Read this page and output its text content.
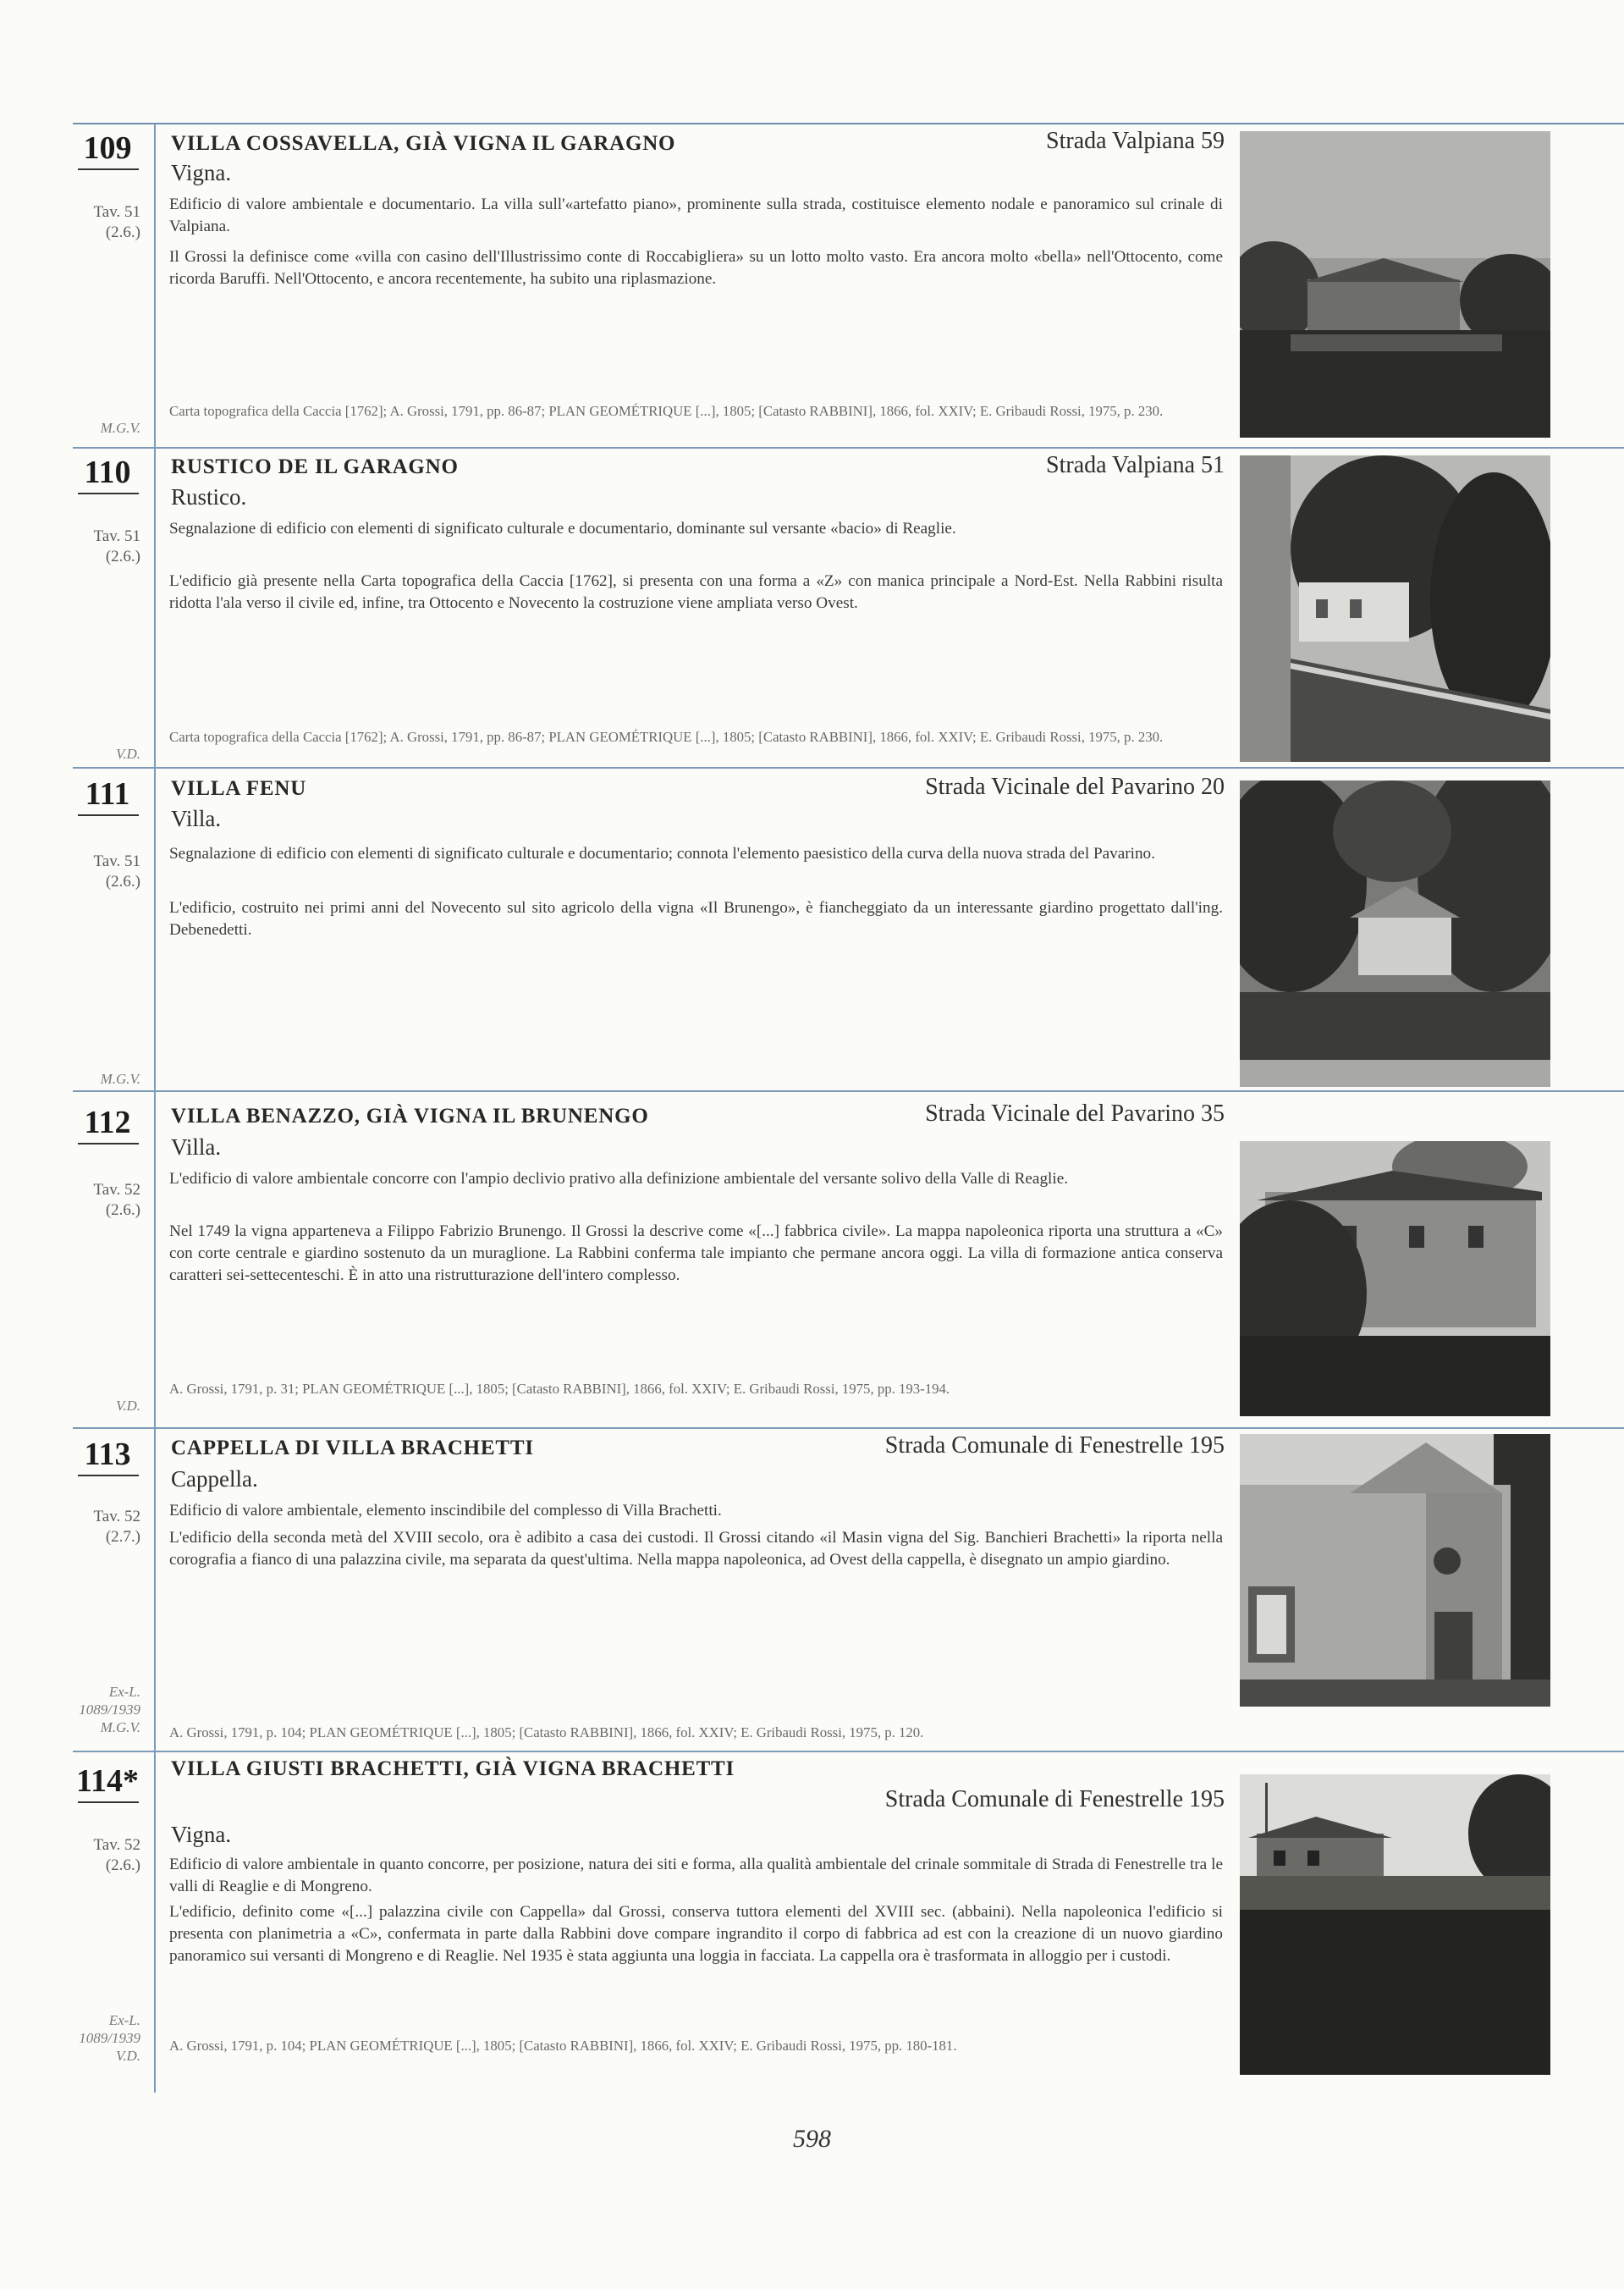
109
Tav. 51
(2.6.)
M.G.V.
VILLA COSSAVELLA, GIÀ VIGNA IL GARAGNO	Strada Valpiana 59
Vigna.

Edificio di valore ambientale e documentario. La villa sull'«artefatto piano», prominente sulla strada, costituisce elemento nodale e panoramico sul crinale di Valpiana.

Il Grossi la definisce come «villa con casino dell'Illustrissimo conte di Roccabigliera» su un lotto molto vasto. Era ancora molto «bella» nell'Ottocento, come ricorda Baruffi. Nell'Ottocento, e ancora recentemente, ha subito una riplasmazione.

Carta topografica della Caccia [1762]; A. Grossi, 1791, pp. 86-87; PLAN GEOMÉTRIQUE [...], 1805; [Catasto RABBINI], 1866, fol. XXIV; E. Gribaudi Rossi, 1975, p. 230.

110
Tav. 51
(2.6.)
V.D.
RUSTICO DE IL GARAGNO	Strada Valpiana 51
Rustico.

Segnalazione di edificio con elementi di significato culturale e documentario, dominante sul versante «bacio» di Reaglie.

L'edificio già presente nella Carta topografica della Caccia [1762], si presenta con una forma a «Z» con manica principale a Nord-Est. Nella Rabbini risulta ridotta l'ala verso il civile ed, infine, tra Ottocento e Novecento la costruzione viene ampliata verso Ovest.

Carta topografica della Caccia [1762]; A. Grossi, 1791, pp. 86-87; PLAN GEOMÉTRIQUE [...], 1805; [Catasto RABBINI], 1866, fol. XXIV; E. Gribaudi Rossi, 1975, p. 230.

111
Tav. 51
(2.6.)
M.G.V.
VILLA FENU	Strada Vicinale del Pavarino 20
Villa.

Segnalazione di edificio con elementi di significato culturale e documentario; connota l'elemento paesistico della curva della nuova strada del Pavarino.

L'edificio, costruito nei primi anni del Novecento sul sito agricolo della vigna «Il Brunengo», è fiancheggiato da un interessante giardino progettato dall'ing. Debenedetti.

112
Tav. 52
(2.6.)
V.D.
VILLA BENAZZO, GIÀ VIGNA IL BRUNENGO	Strada Vicinale del Pavarino 35
Villa.

L'edificio di valore ambientale concorre con l'ampio declivio prativo alla definizione ambientale del versante solivo della Valle di Reaglie.

Nel 1749 la vigna apparteneva a Filippo Fabrizio Brunengo. Il Grossi la descrive come «[...] fabbrica civile». La mappa napoleonica riporta una struttura a «C» con corte centrale e giardino sostenuto da un muraglione. La Rabbini conferma tale impianto che permane ancora oggi. La villa di formazione antica conserva caratteri sei-settecenteschi. È in atto una ristrutturazione dell'intero complesso.

A. Grossi, 1791, p. 31; PLAN GEOMÉTRIQUE [...], 1805; [Catasto RABBINI], 1866, fol. XXIV; E. Gribaudi Rossi, 1975, pp. 193-194.

113
Tav. 52
(2.7.)
Ex-L.
1089/1939
M.G.V.
CAPPELLA DI VILLA BRACHETTI	Strada Comunale di Fenestrelle 195
Cappella.

Edificio di valore ambientale, elemento inscindibile del complesso di Villa Brachetti.

L'edificio della seconda metà del XVIII secolo, ora è adibito a casa dei custodi. Il Grossi citando «il Masin vigna del Sig. Banchieri Brachetti» la riporta nella corografia a fianco di una palazzina civile, ma separata da quest'ultima. Nella mappa napoleonica, ad Ovest della cappella, è disegnato un ampio giardino.

A. Grossi, 1791, p. 104; PLAN GEOMÉTRIQUE [...], 1805; [Catasto RABBINI], 1866, fol. XXIV; E. Gribaudi Rossi, 1975, p. 120.

114*
Tav. 52
(2.6.)
Ex-L.
1089/1939
V.D.
VILLA GIUSTI BRACHETTI, GIÀ VIGNA BRACHETTI
Strada Comunale di Fenestrelle 195
Vigna.

Edificio di valore ambientale in quanto concorre, per posizione, natura dei siti e forma, alla qualità ambientale del crinale sommitale di Strada di Fenestrelle tra le valli di Reaglie e di Mongreno.

L'edificio, definito come «[...] palazzina civile con Cappella» dal Grossi, conserva tuttora elementi del XVIII sec. (abbaini). Nella napoleonica l'edificio si presenta con planimetria a «C», confermata in parte dalla Rabbini dove compare ingrandito il corpo di fabbrica ad est con la creazione di un nuovo giardino panoramico sui versanti di Mongreno e di Reaglie. Nel 1935 è stata aggiunta una loggia in facciata. La cappella ora è trasformata in alloggio per i custodi.

A. Grossi, 1791, p. 104; PLAN GEOMÉTRIQUE [...], 1805; [Catasto RABBINI], 1866, fol. XXIV; E. Gribaudi Rossi, 1975, pp. 180-181.

598
